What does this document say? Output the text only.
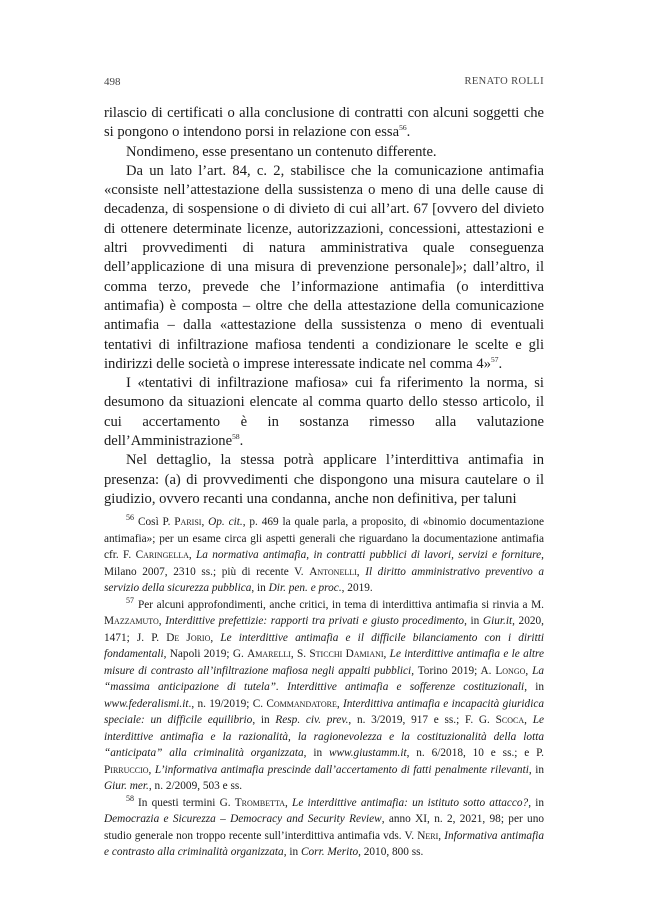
498	RENATO ROLLI

rilascio di certificati o alla conclusione di contratti con alcuni soggetti che si pongono o intendono porsi in relazione con essa$^{56}$.

Nondimeno, esse presentano un contenuto differente.

Da un lato l’art. 84, c. 2, stabilisce che la comunicazione antimafia «consiste nell’attestazione della sussistenza o meno di una delle cause di decadenza, di sospensione o di divieto di cui all’art. 67 [ovvero del divieto di ottenere determinate licenze, autorizzazioni, concessioni, attestazioni e altri provvedimenti di natura amministrativa quale conseguenza dell’applicazione di una misura di prevenzione personale]»; dall’altro, il comma terzo, prevede che l’informazione antimafia (o interdittiva antimafia) è composta – oltre che della attestazione della comunicazione antimafia – dalla «attestazione della sussistenza o meno di eventuali tentativi di infiltrazione mafiosa tendenti a condizionare le scelte e gli indirizzi delle società o imprese interessate indicate nel comma 4»$^{57}$.

I «tentativi di infiltrazione mafiosa» cui fa riferimento la norma, si desumono da situazioni elencate al comma quarto dello stesso articolo, il cui accertamento è in sostanza rimesso alla valutazione dell’Amministrazione$^{58}$.

Nel dettaglio, la stessa potrà applicare l’interdittiva antimafia in presenza: (a) di provvedimenti che dispongono una misura cautelare o il giudizio, ovvero recanti una condanna, anche non definitiva, per taluni

$^{56}$ Così P. Parisi, Op. cit., p. 469 la quale parla, a proposito, di «binomio documentazione antimafia»; per un esame circa gli aspetti generali che riguardano la documentazione antimafia cfr. F. Caringella, La normativa antimafia, in contratti pubblici di lavori, servizi e forniture, Milano 2007, 2310 ss.; più di recente V. Antonelli, Il diritto amministrativo preventivo a servizio della sicurezza pubblica, in Dir. pen. e proc., 2019.

$^{57}$ Per alcuni approfondimenti, anche critici, in tema di interdittiva antimafia si rinvia a M. Mazzamuto, Interdittive prefettizie: rapporti tra privati e giusto procedimento, in Giur.it, 2020, 1471; J. P. De Jorio, Le interdittive antimafia e il difficile bilanciamento con i diritti fondamentali, Napoli 2019; G. Amarelli, S. Sticchi Damiani, Le interdittive antimafia e le altre misure di contrasto all’infiltrazione mafiosa negli appalti pubblici, Torino 2019; A. Longo, La “massima anticipazione di tutela”. Interdittive antimafia e sofferenze costituzionali, in www.federalismi.it., n. 19/2019; C. Commandatore, Interdittiva antimafia e incapacità giuridica speciale: un difficile equilibrio, in Resp. civ. prev., n. 3/2019, 917 e ss.; F. G. Scoca, Le interdittive antimafia e la razionalità, la ragionevolezza e la costituzionalità della lotta “anticipata” alla criminalità organizzata, in www.giustamm.it, n. 6/2018, 10 e ss.; e P. Pirruccio, L’informativa antimafia prescinde dall’accertamento di fatti penalmente rilevanti, in Giur. mer., n. 2/2009, 503 e ss.

$^{58}$ In questi termini G. Trombetta, Le interdittive antimafia: un istituto sotto attacco?, in Democrazia e Sicurezza – Democracy and Security Review, anno XI, n. 2, 2021, 98; per uno studio generale non troppo recente sull’interdittiva antimafia vds. V. Neri, Informativa antimafia e contrasto alla criminalità organizzata, in Corr. Merito, 2010, 800 ss.
